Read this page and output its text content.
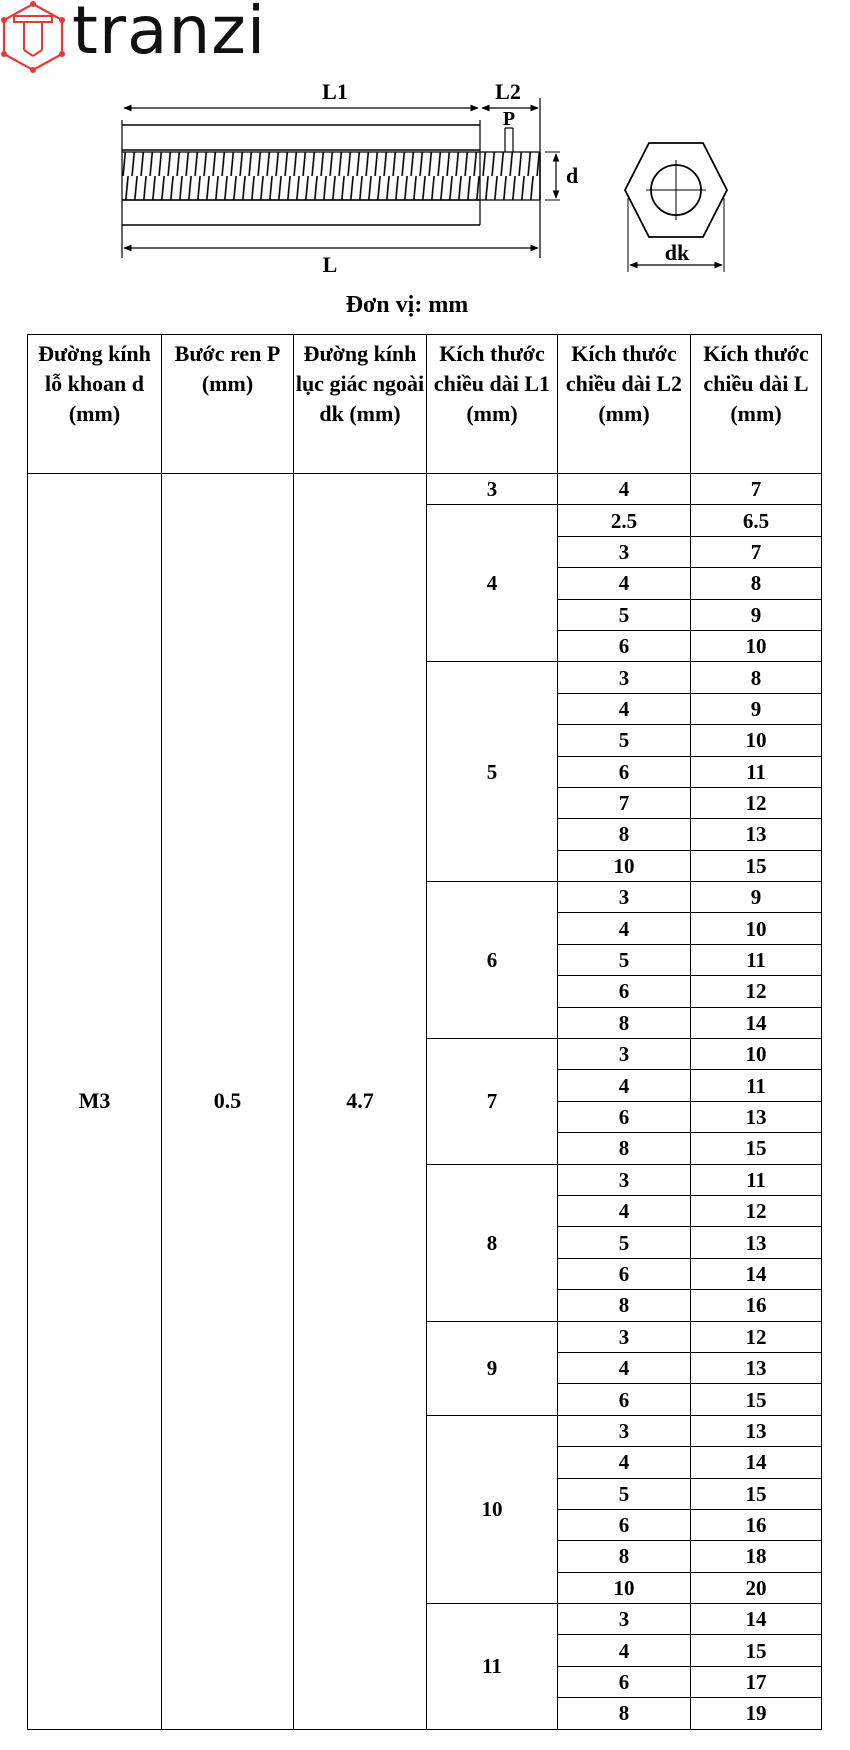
tranzi
L1	L2
P
d
L	dk
Đơn vị: mm
Đường kính lỗ khoan d (mm)	Bước ren P (mm)	Đường kính lục giác ngoài dk (mm)	Kích thước chiều dài L1 (mm)	Kích thước chiều dài L2 (mm)	Kích thước chiều dài L (mm)
M3	0.5	4.7	3	4	7
			4	2.5	6.5
				3	7
				4	8
				5	9
				6	10
			5	3	8
				4	9
				5	10
				6	11
				7	12
				8	13
				10	15
			6	3	9
				4	10
				5	11
				6	12
				8	14
			7	3	10
				4	11
				6	13
				8	15
			8	3	11
				4	12
				5	13
				6	14
				8	16
			9	3	12
				4	13
				6	15
			10	3	13
				4	14
				5	15
				6	16
				8	18
				10	20
			11	3	14
				4	15
				6	17
				8	19
